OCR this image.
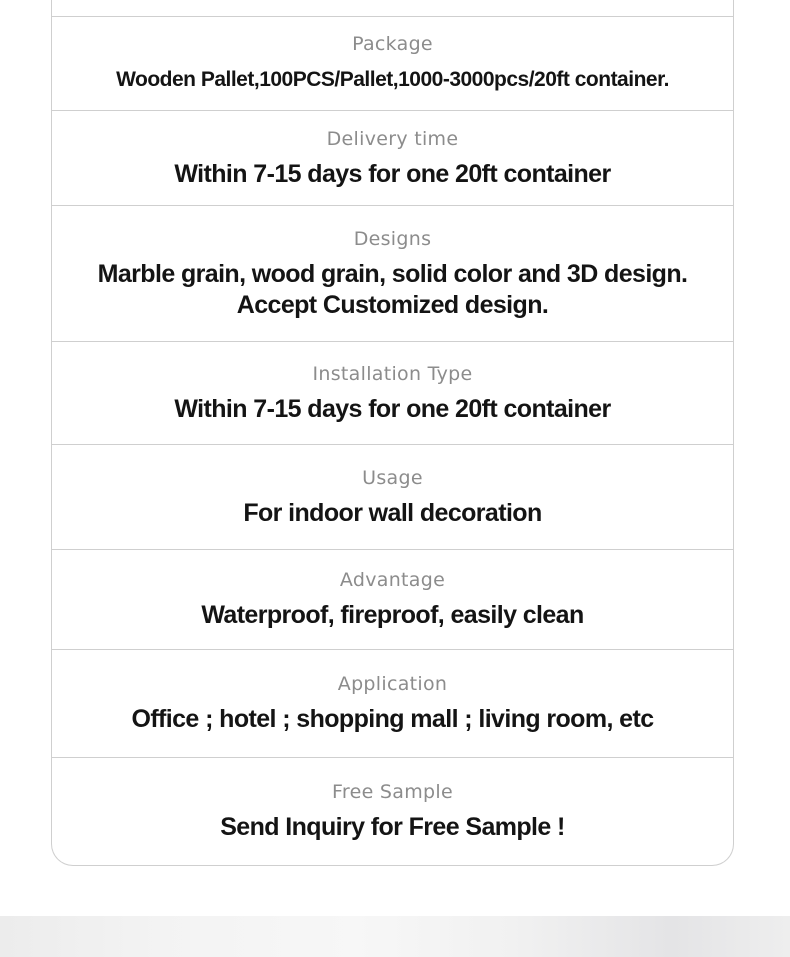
Package
Wooden Pallet,100PCS/Pallet,1000-3000pcs/20ft container.
Delivery time
Within 7-15 days for one 20ft container
Designs
Marble grain, wood grain, solid color and 3D design.
Accept Customized design.
Installation Type
Within 7-15 days for one 20ft container
Usage
For indoor wall decoration
Advantage
Waterproof, fireproof, easily clean
Application
Office ; hotel ; shopping mall ; living room, etc
Free Sample
Send Inquiry for Free Sample !
